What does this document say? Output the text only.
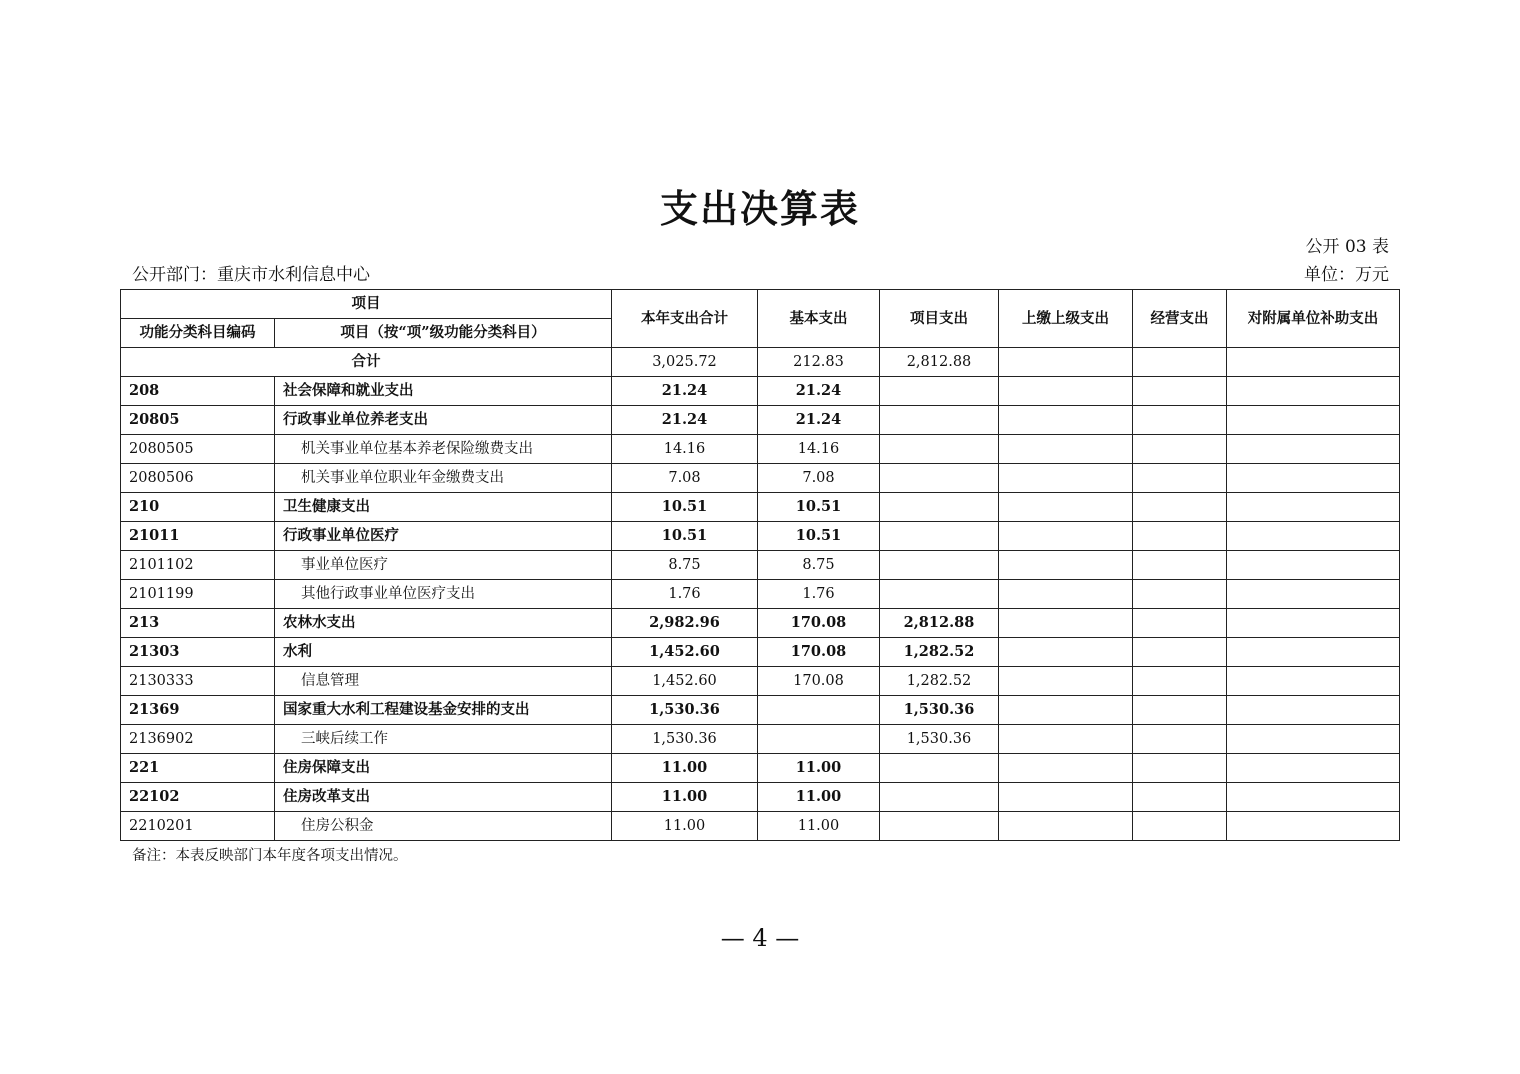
支出决算表
公开 03 表
公开部门：重庆市水利信息中心	单位：万元
项目		本年支出合计	基本支出	项目支出	上缴上级支出	经营支出	对附属单位补助支出
功能分类科目编码	项目（按“项”级功能分类科目）						
合计		3,025.72	212.83	2,812.88			
208	社会保障和就业支出	21.24	21.24				
20805	行政事业单位养老支出	21.24	21.24				
2080505	机关事业单位基本养老保险缴费支出	14.16	14.16				
2080506	机关事业单位职业年金缴费支出	7.08	7.08				
210	卫生健康支出	10.51	10.51				
21011	行政事业单位医疗	10.51	10.51				
2101102	事业单位医疗	8.75	8.75				
2101199	其他行政事业单位医疗支出	1.76	1.76				
213	农林水支出	2,982.96	170.08	2,812.88			
21303	水利	1,452.60	170.08	1,282.52			
2130333	信息管理	1,452.60	170.08	1,282.52			
21369	国家重大水利工程建设基金安排的支出	1,530.36		1,530.36			
2136902	三峡后续工作	1,530.36		1,530.36			
221	住房保障支出	11.00	11.00				
22102	住房改革支出	11.00	11.00				
2210201	住房公积金	11.00	11.00				
备注：本表反映部门本年度各项支出情况。
— 4 —
